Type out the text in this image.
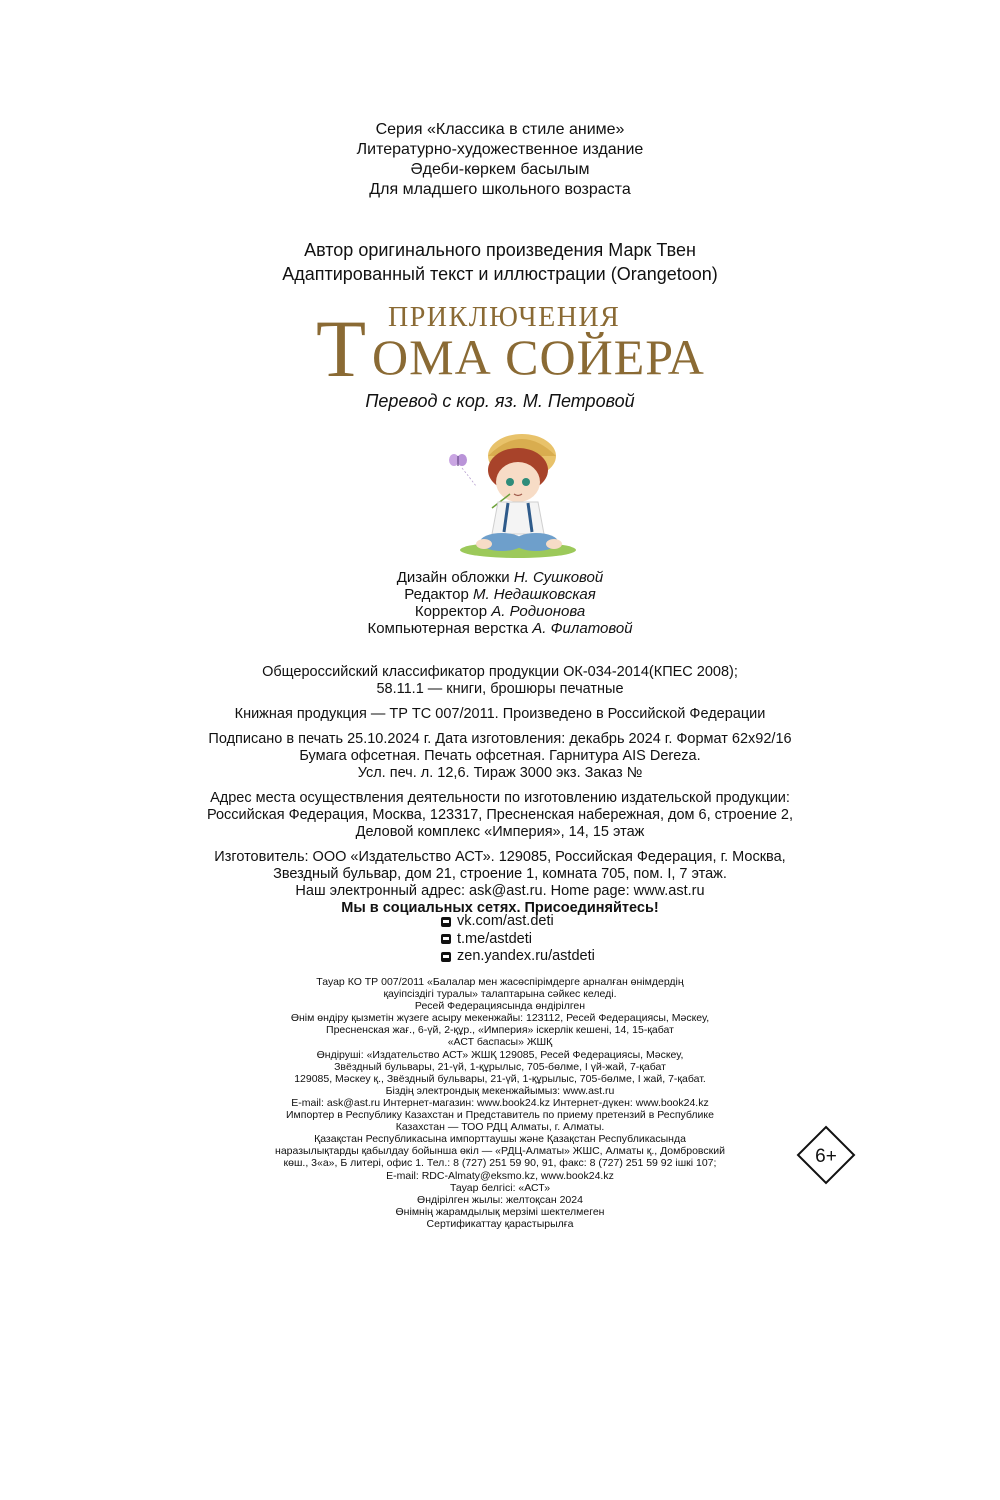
Серия «Классика в стиле аниме»
Литературно-художественное издание
Әдеби-көркем басылым
Для младшего школьного возраста
Автор оригинального произведения Марк Твен
Адаптированный текст и иллюстрации (Orangetoon)
ПРИКЛЮЧЕНИЯ
Т ОМА СОЙЕРА
Перевод с кор. яз. М. Петровой
Дизайн обложки Н. Сушковой
Редактор М. Недашковская
Корректор А. Родионова
Компьютерная верстка А. Филатовой
Общероссийский классификатор продукции ОК-034-2014(КПЕС 2008);
58.11.1 — книги, брошюры печатные
Книжная продукция — ТР ТС 007/2011. Произведено в Российской Федерации
Подписано в печать 25.10.2024 г. Дата изготовления: декабрь 2024 г. Формат 62х92/16
Бумага офсетная. Печать офсетная. Гарнитура AIS Dereza.
Усл. печ. л. 12,6. Тираж 3000 экз. Заказ №
Адрес места осуществления деятельности по изготовлению издательской продукции:
Российская Федерация, Москва, 123317, Пресненская набережная, дом 6, строение 2,
Деловой комплекс «Империя», 14, 15 этаж
Изготовитель: ООО «Издательство АСТ». 129085, Российская Федерация, г. Москва,
Звездный бульвар, дом 21, строение 1, комната 705, пом. I, 7 этаж.
Наш электронный адрес: ask@ast.ru. Home page: www.ast.ru
Мы в социальных сетях. Присоединяйтесь!
vk.com/ast.deti
t.me/astdeti
zen.yandex.ru/astdeti
Тауар КО ТР 007/2011 «Балалар мен жасөспірімдерге арналған өнімдердің
қауіпсіздігі туралы» талаптарына сәйкес келеді.
Ресей Федерациясында өндірілген
Өнім өндіру қызметін жүзеге асыру мекенжайы: 123112, Ресей Федерациясы, Мәскеу,
Пресненская жағ., 6-үй, 2-құр., «Империя» іскерлік кешені, 14, 15-қабат
«АСТ баспасы» ЖШҚ
Өндіруші: «Издательство АСТ» ЖШҚ 129085, Ресей Федерациясы, Мәскеу,
Звёздный бульвары, 21-үй, 1-құрылыс, 705-бөлме, I үй-жай, 7-қабат
129085, Мәскеу қ., Звёздный бульвары, 21-үй, 1-құрылыс, 705-бөлме, I жай, 7-қабат.
Біздің электрондық мекенжайымыз: www.ast.ru
E-mail: ask@ast.ru Интернет-магазин: www.book24.kz Интернет-дүкен: www.book24.kz
Импортер в Республику Казахстан и Представитель по приему претензий в Республике
Казахстан — ТОО РДЦ Алматы, г. Алматы.
Қазақстан Республикасына импорттаушы және Қазақстан Республикасында
наразылықтарды қабылдау бойынша өкіл — «РДЦ-Алматы» ЖШС, Алматы қ., Домбровский
көш., 3«а», Б литері, офис 1. Тел.: 8 (727) 251 59 90, 91, факс: 8 (727) 251 59 92 ішкі 107;
E-mail: RDC-Almaty@eksmo.kz, www.book24.kz
Тауар белгісі: «АСТ»
Өндірілген жылы: желтоқсан 2024
Өнімнің жарамдылық мерзімі шектелмеген
Сертификаттау қарастырылға
6+
